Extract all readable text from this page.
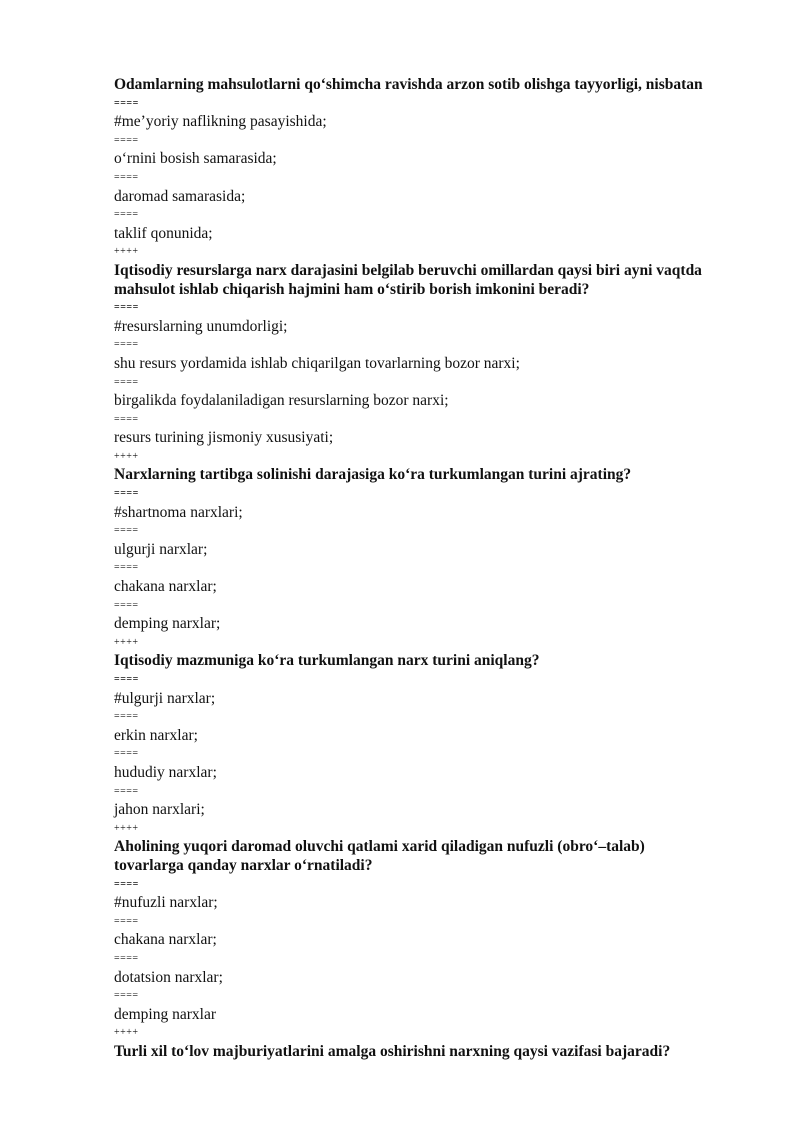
Odamlarning mahsulotlarni qo‘shimcha ravishda arzon sotib olishga tayyorligi, nisbatan
====
#me’yoriy naflikning pasayishida;
====
o‘rnini bosish samarasida;
====
daromad samarasida;
====
taklif qonunida;
++++
Iqtisodiy resurslarga narx darajasini belgilab beruvchi omillardan qaysi biri ayni vaqtda mahsulot ishlab chiqarish hajmini ham o‘stirib borish imkonini beradi?
====
#resurslarning unumdorligi;
====
shu resurs yordamida ishlab chiqarilgan tovarlarning bozor narxi;
====
birgalikda foydalaniladigan resurslarning bozor narxi;
====
resurs turining jismoniy xususiyati;
++++
Narxlarning tartibga solinishi darajasiga ko‘ra turkumlangan turini ajrating?
====
#shartnoma narxlari;
====
ulgurji narxlar;
====
chakana narxlar;
====
demping narxlar;
++++
Iqtisodiy mazmuniga ko‘ra turkumlangan narx turini aniqlang?
====
#ulgurji narxlar;
====
erkin narxlar;
====
hududiy narxlar;
====
jahon narxlari;
++++
Aholining yuqori daromad oluvchi qatlami xarid qiladigan nufuzli (obro‘–talab) tovarlarga qanday narxlar o‘rnatiladi?
====
#nufuzli narxlar;
====
chakana narxlar;
====
dotatsion narxlar;
====
demping narxlar
++++
Turli xil to‘lov majburiyatlarini amalga oshirishni narxning qaysi vazifasi bajaradi?
